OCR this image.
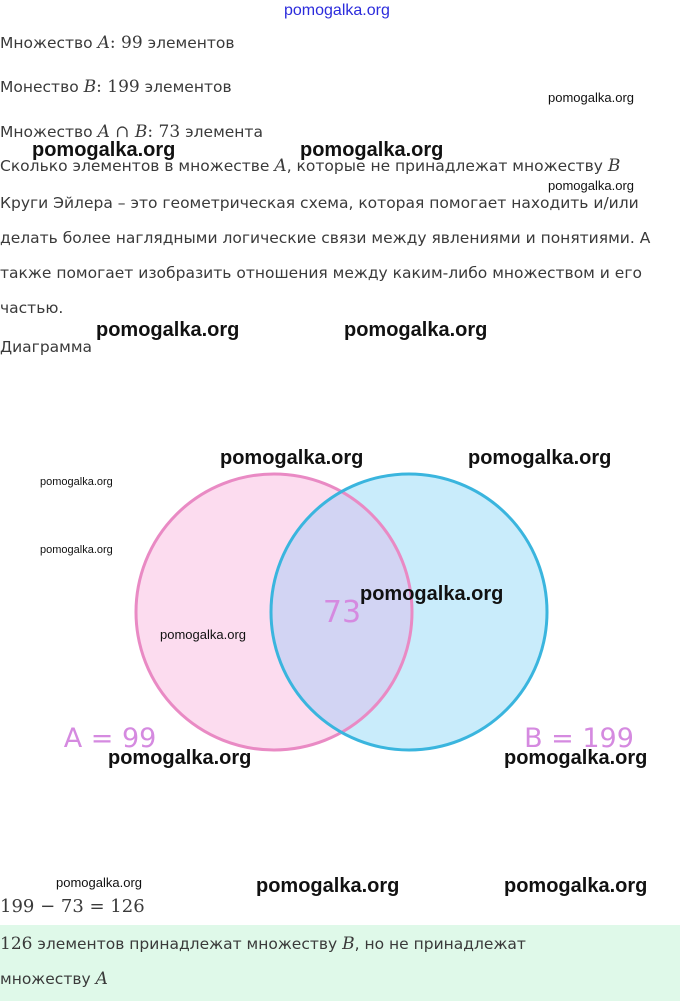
pomogalka.org
Множество A: 99 элементов
Монество B: 199 элементов
Множество A ∩ B: 73 элемента
Сколько элементов в множестве A, которые не принадлежат множеству B
Круги Эйлера – это геометрическая схема, которая помогает находить и/или делать более наглядными логические связи между явлениями и понятиями. А также помогает изобразить отношения между каким-либо множеством и его частью.
Диаграмма
73
A = 99	B = 199
199 − 73 = 126
126 элементов принадлежат множеству B, но не принадлежат
множеству A
pomogalka.org
pomogalka.org	pomogalka.org
pomogalka.org
pomogalka.org	pomogalka.org
pomogalka.org	pomogalka.org
pomogalka.org
pomogalka.org
pomogalka.org
pomogalka.org
pomogalka.org	pomogalka.org
pomogalka.org	pomogalka.org	pomogalka.org
